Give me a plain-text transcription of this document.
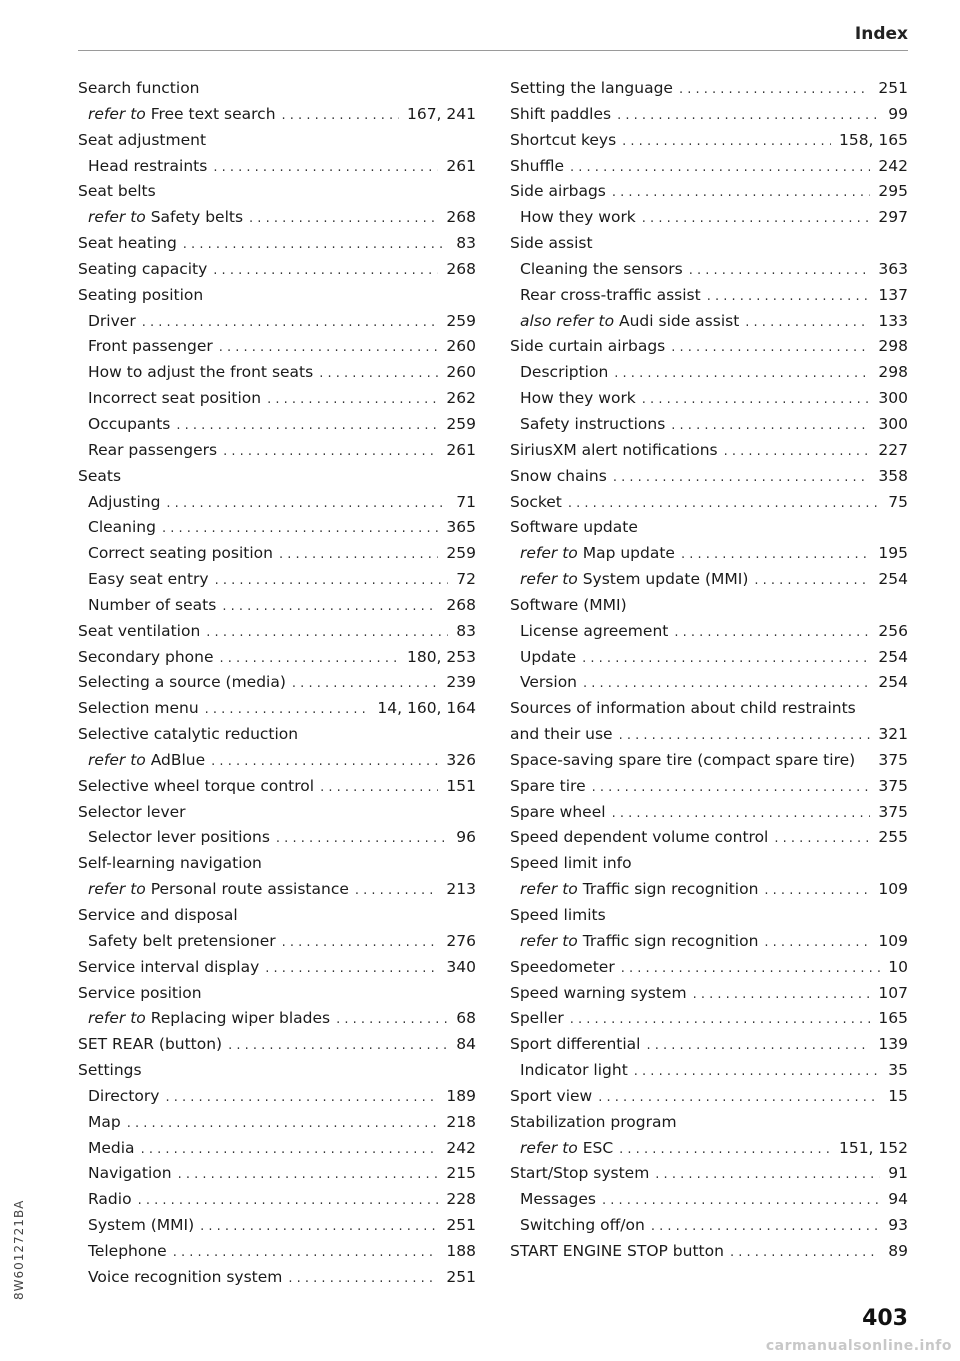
Index
Search function
refer to Free text search . . .	167, 241
Seat adjustment
Head restraints . . .	261
Seat belts
refer to Safety belts . . .	268
Seat heating . . .	83
Seating capacity . . .	268
Seating position
Driver . . .	259
Front passenger . . .	260
How to adjust the front seats . . .	260
Incorrect seat position . . .	262
Occupants . . .	259
Rear passengers . . .	261
Seats
Adjusting . . .	71
Cleaning . . .	365
Correct seating position . . .	259
Easy seat entry . . .	72
Number of seats . . .	268
Seat ventilation . . .	83
Secondary phone . . .	180, 253
Selecting a source (media) . . .	239
Selection menu . . .	14, 160, 164
Selective catalytic reduction
refer to AdBlue . . .	326
Selective wheel torque control . . .	151
Selector lever
Selector lever positions . . .	96
Self-learning navigation
refer to Personal route assistance . . .	213
Service and disposal
Safety belt pretensioner . . .	276
Service interval display . . .	340
Service position
refer to Replacing wiper blades . . .	68
SET REAR (button) . . .	84
Settings
Directory . . .	189
Map . . .	218
Media . . .	242
Navigation . . .	215
Radio . . .	228
System (MMI) . . .	251
Telephone . . .	188
Voice recognition system . . .	251
Setting the language . . .	251
Shift paddles . . .	99
Shortcut keys . . .	158, 165
Shuffle . . .	242
Side airbags . . .	295
How they work . . .	297
Side assist
Cleaning the sensors . . .	363
Rear cross-traffic assist . . .	137
also refer to Audi side assist . . .	133
Side curtain airbags . . .	298
Description . . .	298
How they work . . .	300
Safety instructions . . .	300
SiriusXM alert notifications . . .	227
Snow chains . . .	358
Socket . . .	75
Software update
refer to Map update . . .	195
refer to System update (MMI) . . .	254
Software (MMI)
License agreement . . .	256
Update . . .	254
Version . . .	254
Sources of information about child restraints
and their use . . .	321
Space-saving spare tire (compact spare tire) 375
Spare tire . . .	375
Spare wheel . . .	375
Speed dependent volume control . . .	255
Speed limit info
refer to Traffic sign recognition . . .	109
Speed limits
refer to Traffic sign recognition . . .	109
Speedometer . . .	10
Speed warning system . . .	107
Speller . . .	165
Sport differential . . .	139
Indicator light . . .	35
Sport view . . .	15
Stabilization program
refer to ESC . . .	151, 152
Start/Stop system . . .	91
Messages . . .	94
Switching off/on . . .	93
START ENGINE STOP button . . .	89
8W6012721BA
403
carmanualsonline.info
